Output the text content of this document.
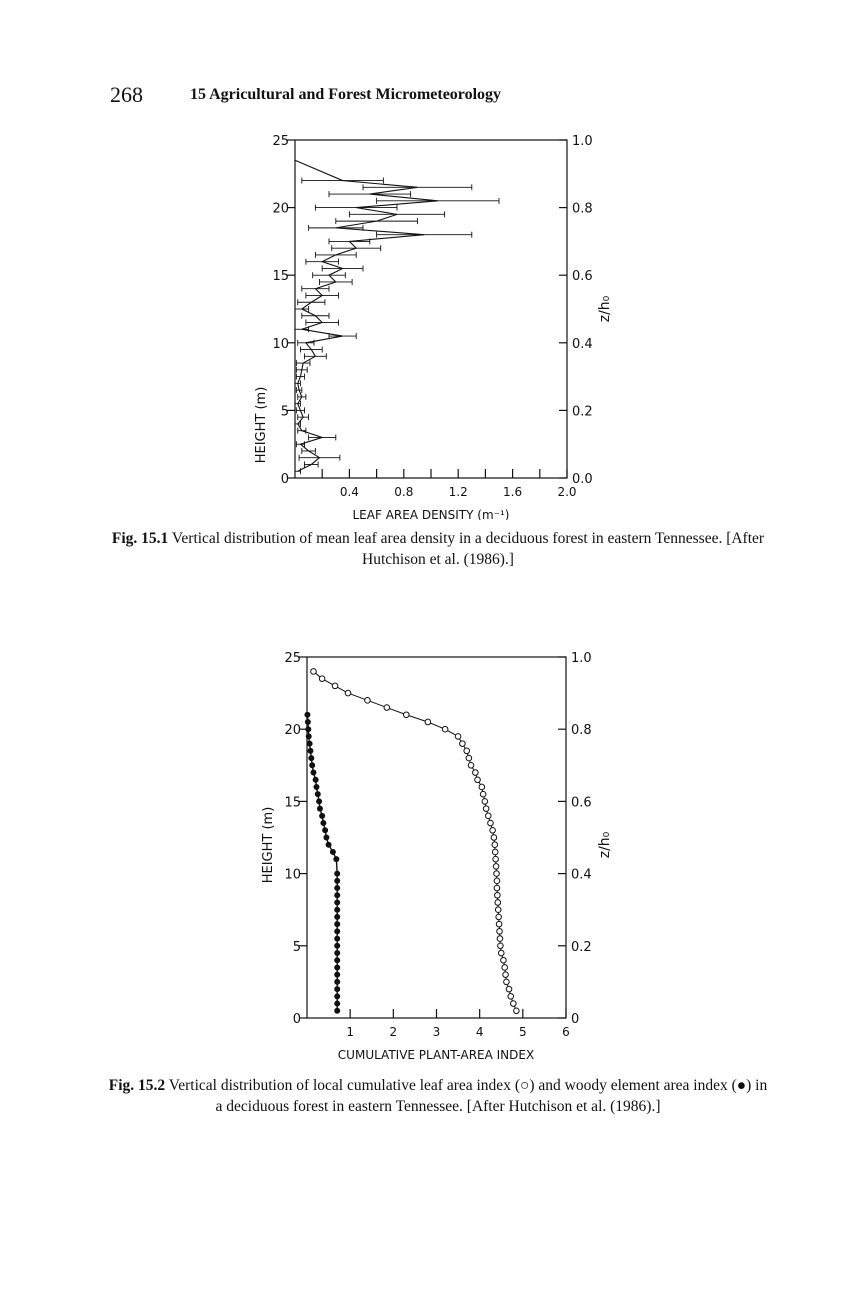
268	15 Agricultural and Forest Micrometeorology
0.4	0.8	1.2	1.6	2.0
0
5
10
15
20
25
0.0
0.2
0.4
0.6
0.8
1.0
HEIGHT (m)
z/h₀
LEAF AREA DENSITY (m⁻¹)
Fig. 15.1 Vertical distribution of mean leaf area density in a deciduous forest in eastern Tennessee. [After Hutchison et al. (1986).]
1	2	3	4	5	6
0
5
10
15
20
25
0
0.2
0.4
0.6
0.8
1.0
HEIGHT (m)	z/h₀
CUMULATIVE PLANT-AREA INDEX
Fig. 15.2 Vertical distribution of local cumulative leaf area index (○) and woody element area index (●) in a deciduous forest in eastern Tennessee. [After Hutchison et al. (1986).]
